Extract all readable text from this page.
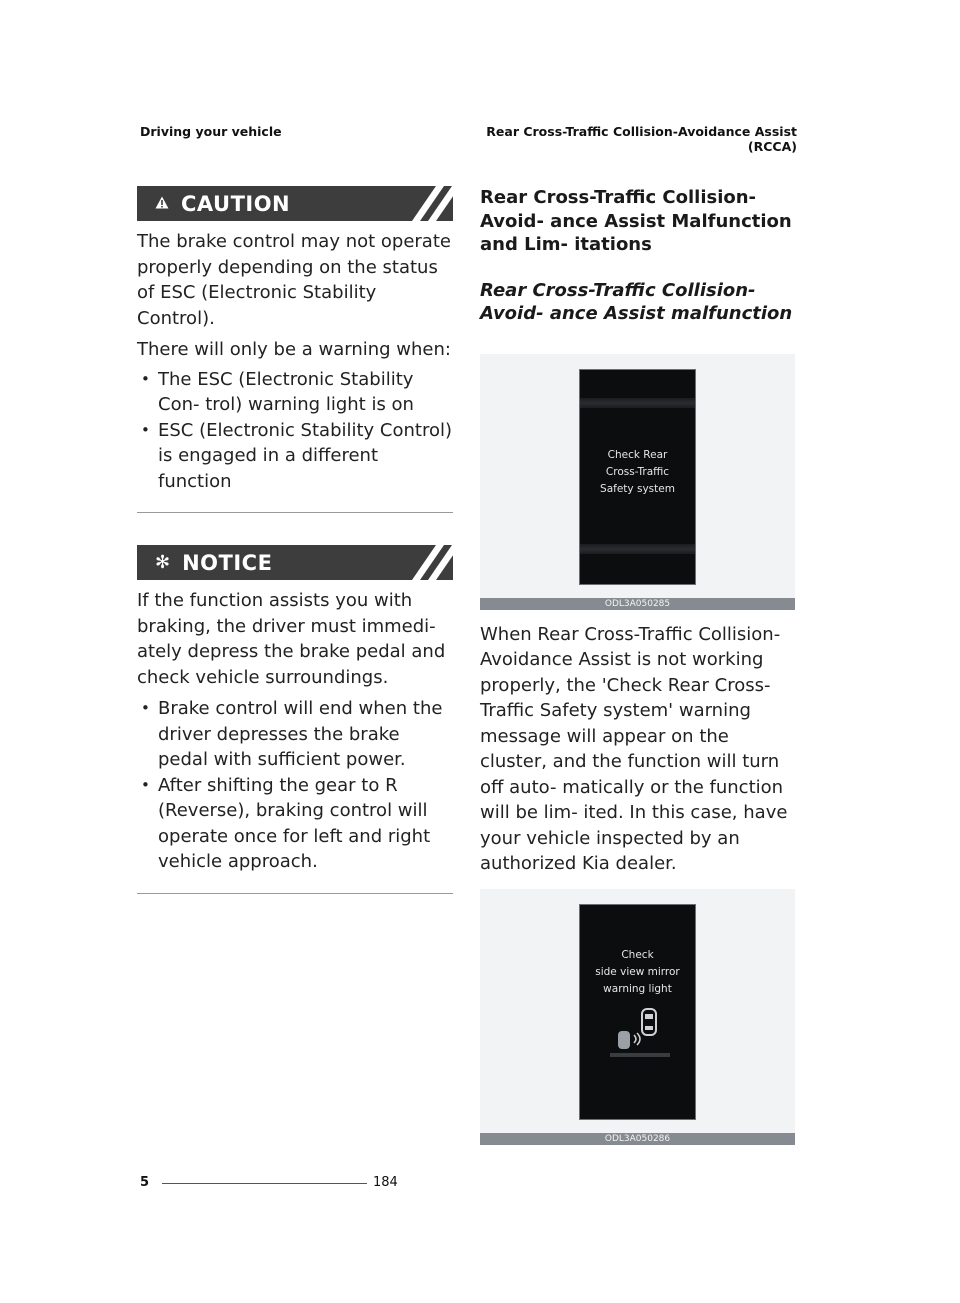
Driving your vehicle	Rear Cross-Traffic Collision-Avoidance Assist
(RCCA)
CAUTION

The brake control may not operate properly depending on the status of ESC (Electronic Stability Control).

There will only be a warning when:

• The ESC (Electronic Stability Con- trol) warning light is on
• ESC (Electronic Stability Control) is engaged in a different function
✻ NOTICE

If the function assists you with braking, the driver must immedi- ately depress the brake pedal and check vehicle surroundings.

• Brake control will end when the driver depresses the brake pedal with sufficient power.
• After shifting the gear to R (Reverse), braking control will operate once for left and right vehicle approach.
Rear Cross-Traffic Collision-Avoid- ance Assist Malfunction and Lim- itations
Rear Cross-Traffic Collision-Avoid- ance Assist malfunction
Check Rear
Cross-Traffic
Safety system
ODL3A050285

When Rear Cross-Traffic Collision- Avoidance Assist is not working properly, the 'Check Rear Cross- Traffic Safety system' warning message will appear on the cluster, and the function will turn off auto- matically or the function will be lim- ited. In this case, have your vehicle inspected by an authorized Kia dealer.

Check
side view mirror
warning light
ODL3A050286
5	184
